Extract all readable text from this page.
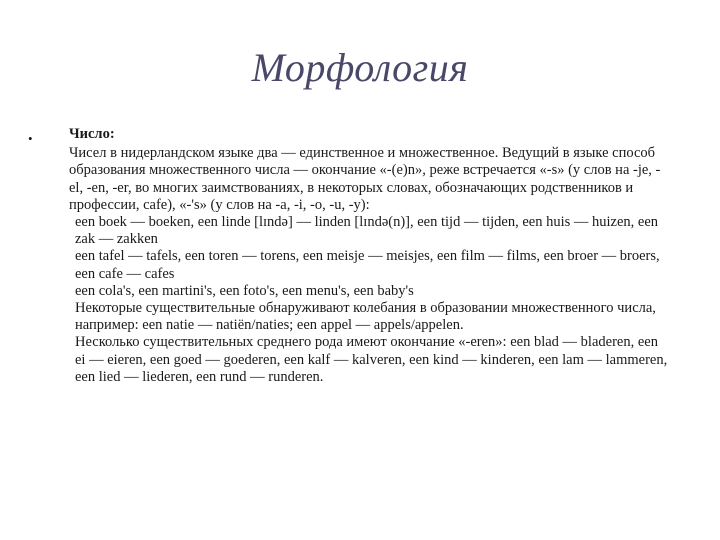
Морфология
•	Число:

Чисел в нидерландском языке два — единственное и множественное. Ведущий в языке способ образования множественного числа — окончание «-(e)n», реже встречается «-s» (у слов на -je, -el, -en, -er, во многих заимствованиях, в некоторых словах, обозначающих родственников и профессии, cafe), «-'s» (у слов на -a, -i, -o, -u, -y):

een boek — boeken, een linde [lɪndə] — linden [lɪndə(n)], een tijd — tijden, een huis — huizen, een zak — zakken

een tafel — tafels, een toren — torens, een meisje — meisjes, een film — films, een broer — broers, een cafe — cafes

een cola's, een martini's, een foto's, een menu's, een baby's

Некоторые существительные обнаруживают колебания в образовании множественного числа, например: een natie — natiën/naties; een appel — appels/appelen.

Несколько существительных среднего рода имеют окончание «-eren»: een blad — bladeren, een ei — eieren, een goed — goederen, een kalf — kalveren, een kind — kinderen, een lam — lammeren, een lied — liederen, een rund — runderen.
